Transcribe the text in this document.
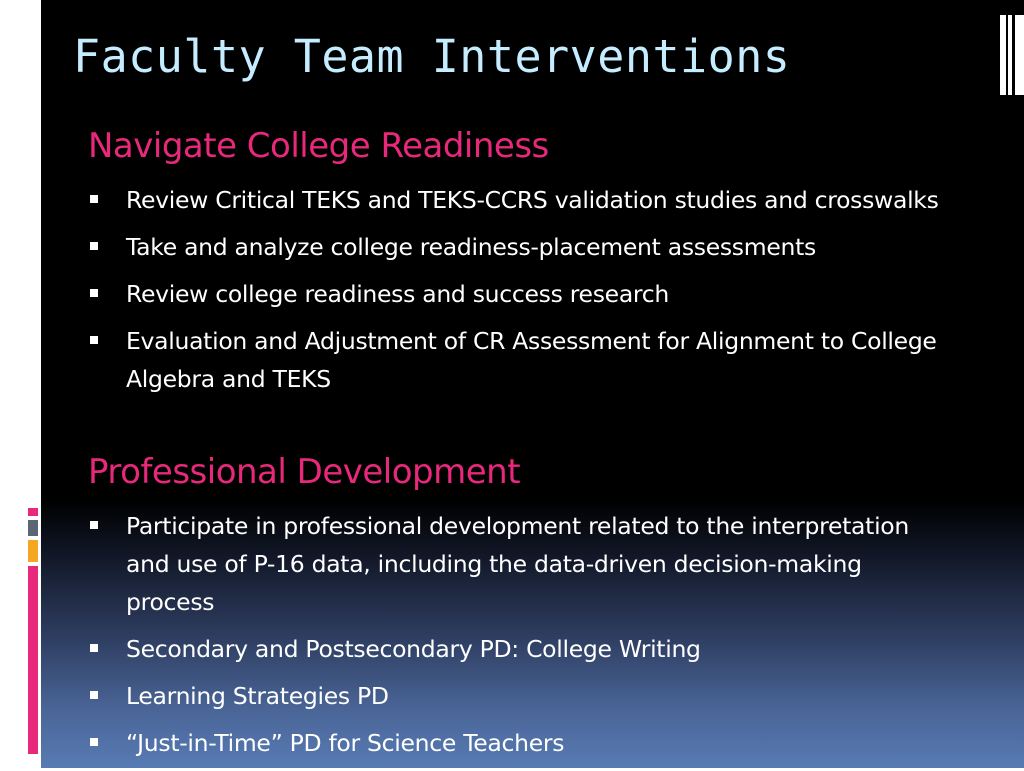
Faculty Team Interventions
Navigate College Readiness
Review Critical TEKS and TEKS-CCRS validation studies and crosswalks
Take and analyze college readiness-placement assessments
Review college readiness and success research
Evaluation and Adjustment of CR Assessment for Alignment to College Algebra and TEKS
Professional Development
Participate in professional development related to the interpretation and use of P-16 data, including the data-driven decision-making process
Secondary and Postsecondary PD: College Writing
Learning Strategies PD
“Just-in-Time” PD for Science Teachers
